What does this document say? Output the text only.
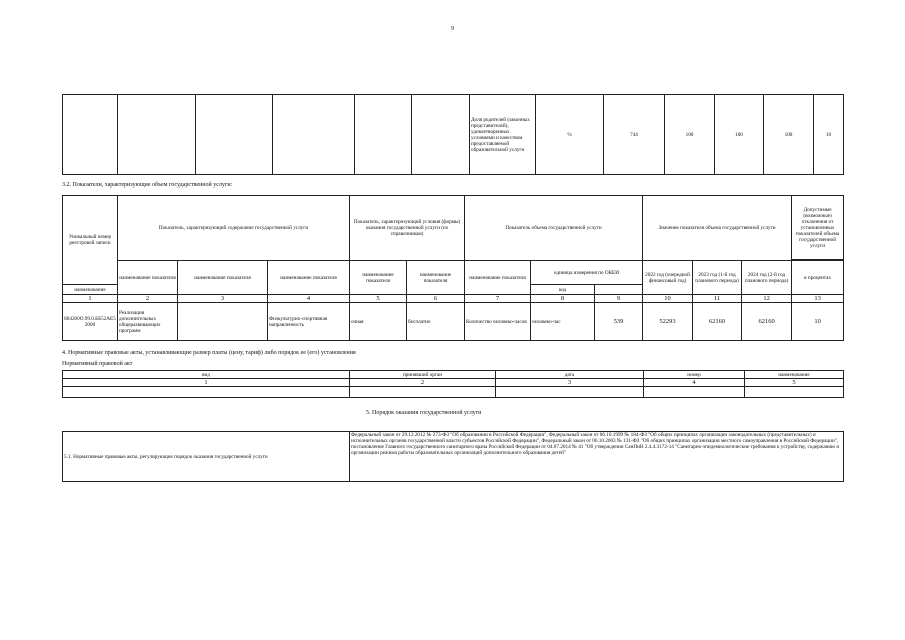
9
						Доля родителей (законных представителей), удовлетворенных условиями и качеством предоставляемой образовательной услуги	%	744	100	100	100	10
3.2. Показатели, характеризующие объем государственной услуги:
Уникальный номер реестровой записи	Показатель, характеризующий содержание государственной услуги			Показатель, характеризующий условия (формы) оказания государственной услуги (по справочникам)		Показатель объема государственной услуги			Значение показателя объема государственной услуги			Допустимые (возможные) отклонения от установленных показателей объема государственной услуги

	наименование показателя	наименование показателя	наименование показателя	наименование показателя	наименование показателя	наименование показателя	единица измерения по ОКЕИ		2022 год (очередной финансовый год)	2023 год (1-й год планового периода)	2024 год (2-й год планового периода)	в процентах
наименование							код					
1	2	3	4	5	6	7	8	9	10	11	12	13
804200О.99.0.ББ52АЕ52000	Реализация дополнительных общеразвивающих программ		Физкультурно-спортивная направленность	очная	бесплатно	Количество человеко-часов	человеко-час	539	52293	62160	62160	10
4. Нормативные правовые акты, устанавливающие размер платы (цену, тариф) либо порядок ее (его) установления
Нормативный правовой акт
вид	принявший орган	дата	номер	наименование
1	2	3	4	5

5. Порядок оказания государственной услуги
5.1. Нормативные правовые акты, регулирующие порядок оказания государственной услуги	Федеральный закон от 29.12.2012 № 273-ФЗ "Об образовании в Российской Федерации", Федеральный закон от 06.10.1999 № 184-ФЗ "Об общих принципах организации законодательных (представительных) и исполнительных органов государственной власти субъектов Российской Федерации", Федеральный закон от 06.10.2003 № 131-ФЗ "Об общих принципах организации местного самоуправления в Российской Федерации", постановление Главного государственного санитарного врача Российской Федерации от 04.07.2014 № 41 "Об утверждении СанПиН 2.4.4.3172-14 "Санитарно-эпидемиологические требования к устройству, содержанию и организации режима работы образовательных организаций дополнительного образования детей"
